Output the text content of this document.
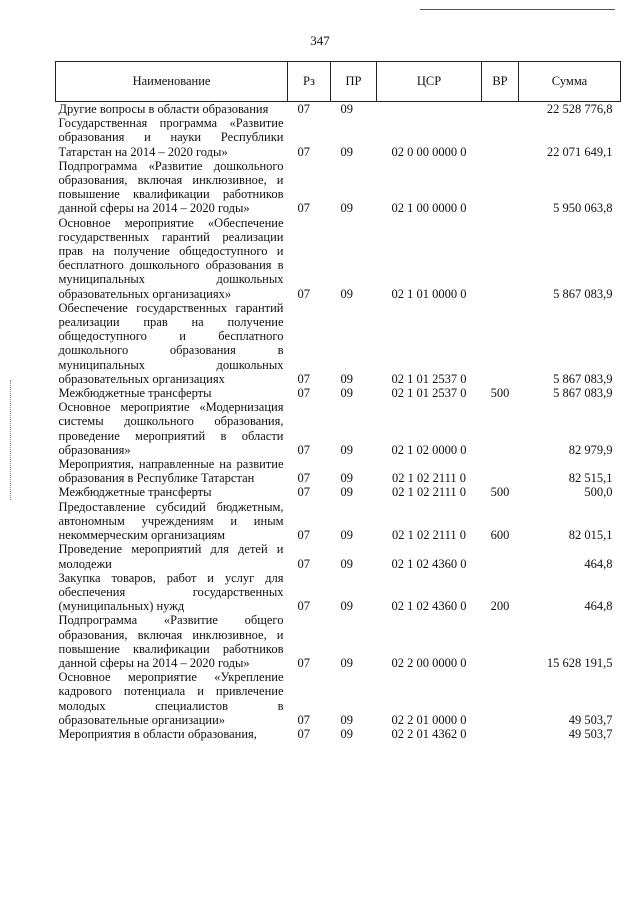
347
Наименование	Рз	ПР	ЦСР	ВР	Сумма
Другие вопросы в области образования	07	09			22 528 776,8
Государственная программа «Развитие образования и науки Республики Татарстан на 2014 – 2020 годы»	07	09	02 0 00 0000 0		22 071 649,1
Подпрограмма «Развитие дошкольного образования, включая инклюзивное, и повышение квалификации работников данной сферы на 2014 – 2020 годы»	07	09	02 1 00 0000 0		5 950 063,8
Основное мероприятие «Обеспечение государственных гарантий реализации прав на получение общедоступного и бесплатного дошкольного образования в муниципальных дошкольных образовательных организациях»	07	09	02 1 01 0000 0		5 867 083,9
Обеспечение государственных гарантий реализации прав на получение общедоступного и бесплатного дошкольного образования в муниципальных дошкольных образовательных организациях	07	09	02 1 01 2537 0		5 867 083,9
Межбюджетные трансферты	07	09	02 1 01 2537 0	500	5 867 083,9
Основное мероприятие «Модернизация системы дошкольного образования, проведение мероприятий в области образования»	07	09	02 1 02 0000 0		82 979,9
Мероприятия, направленные на развитие образования в Республике Татарстан	07	09	02 1 02 2111 0		82 515,1
Межбюджетные трансферты	07	09	02 1 02 2111 0	500	500,0
Предоставление субсидий бюджетным, автономным учреждениям и иным некоммерческим организациям	07	09	02 1 02 2111 0	600	82 015,1
Проведение мероприятий для детей и молодежи	07	09	02 1 02 4360 0		464,8
Закупка товаров, работ и услуг для обеспечения государственных (муниципальных) нужд	07	09	02 1 02 4360 0	200	464,8
Подпрограмма «Развитие общего образования, включая инклюзивное, и повышение квалификации работников данной сферы на 2014 – 2020 годы»	07	09	02 2 00 0000 0		15 628 191,5
Основное мероприятие «Укрепление кадрового потенциала и привлечение молодых специалистов в образовательные организации»	07	09	02 2 01 0000 0		49 503,7
Мероприятия в области образования,	07	09	02 2 01 4362 0		49 503,7
